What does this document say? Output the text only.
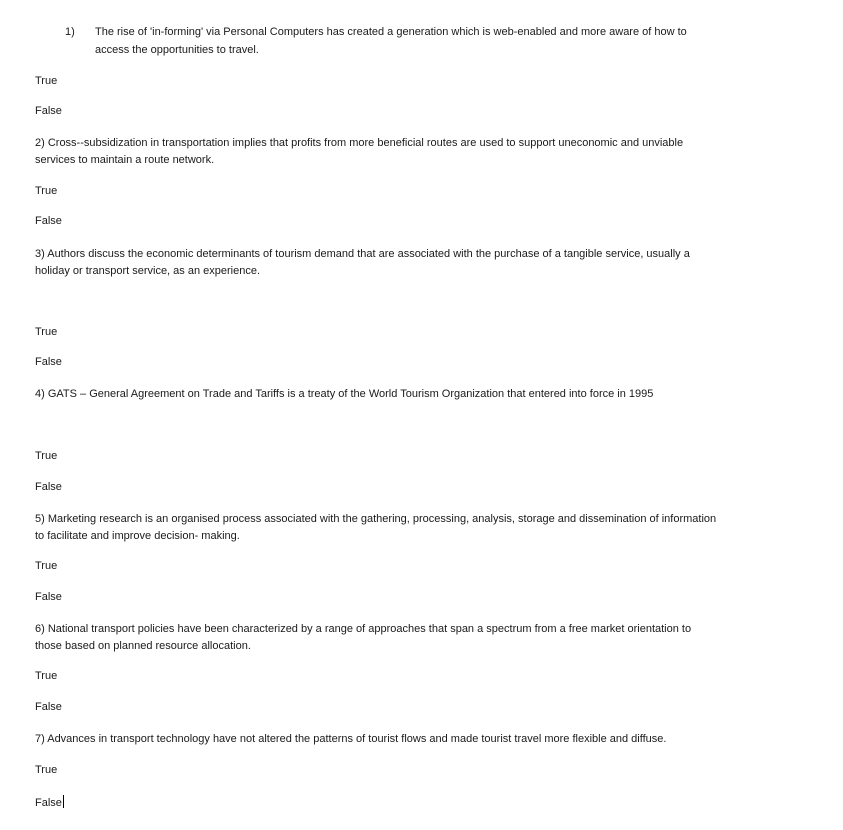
1) The rise of 'in-forming' via Personal Computers has created a generation which is web-enabled and more aware of how to
access the opportunities to travel.
True
False
2) Cross--subsidization in transportation implies that profits from more beneficial routes are used to support uneconomic and unviable
services to maintain a route network.
True
False
3) Authors discuss the economic determinants of tourism demand that are associated with the purchase of a tangible service, usually a
holiday or transport service, as an experience.
True
False
4) GATS – General Agreement on Trade and Tariffs is a treaty of the World Tourism Organization that entered into force in 1995
True
False
5) Marketing research is an organised process associated with the gathering, processing, analysis, storage and dissemination of information
to facilitate and improve decision- making.
True
False
6) National transport policies have been characterized by a range of approaches that span a spectrum from a free market orientation to
those based on planned resource allocation.
True
False
7) Advances in transport technology have not altered the patterns of tourist flows and made tourist travel more flexible and diffuse.
True
False
